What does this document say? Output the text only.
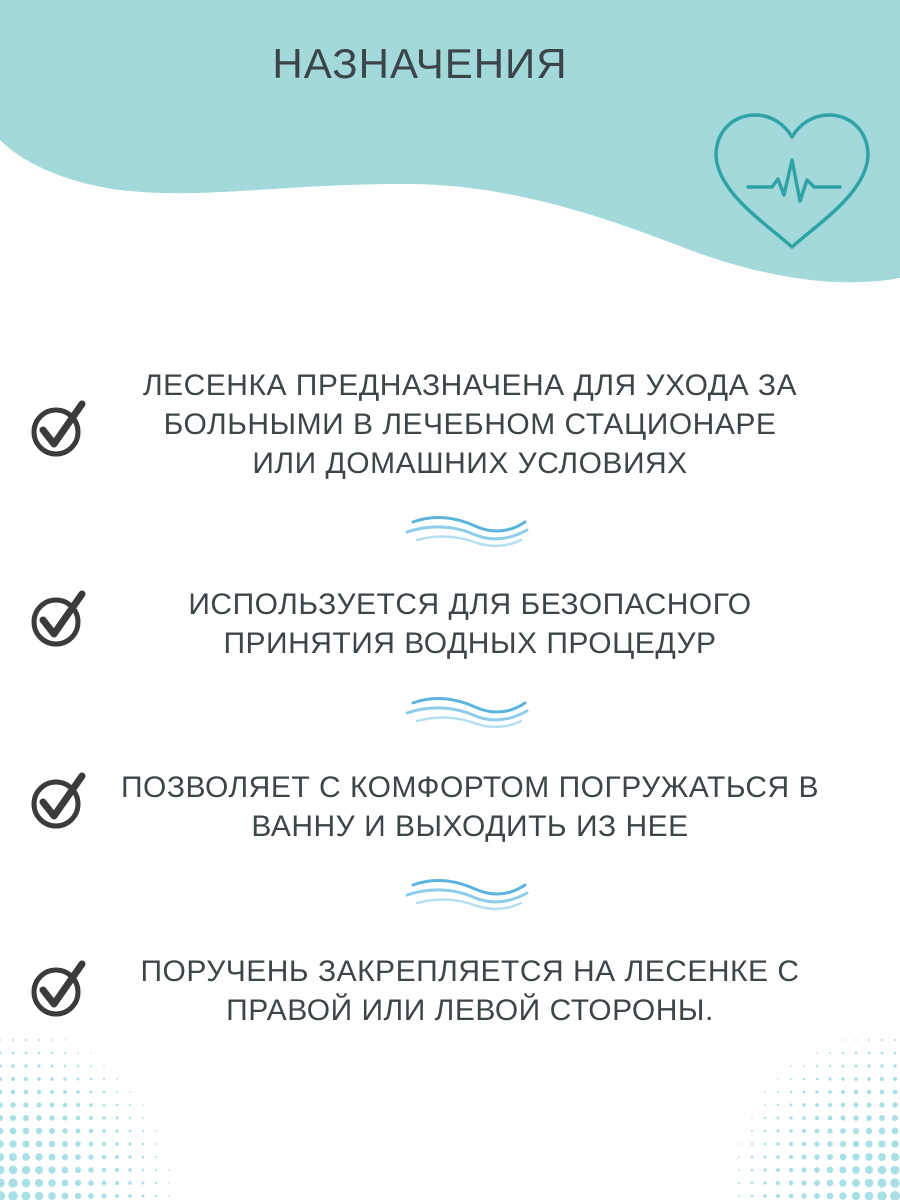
НАЗНАЧЕНИЯ
ЛЕСЕНКА ПРЕДНАЗНАЧЕНА ДЛЯ УХОДА ЗА
БОЛЬНЫМИ В ЛЕЧЕБНОМ СТАЦИОНАРЕ
ИЛИ ДОМАШНИХ УСЛОВИЯХ
ИСПОЛЬЗУЕТСЯ ДЛЯ БЕЗОПАСНОГО
ПРИНЯТИЯ ВОДНЫХ ПРОЦЕДУР
ПОЗВОЛЯЕТ С КОМФОРТОМ ПОГРУЖАТЬСЯ В
ВАННУ И ВЫХОДИТЬ ИЗ НЕЕ
ПОРУЧЕНЬ ЗАКРЕПЛЯЕТСЯ НА ЛЕСЕНКЕ С
ПРАВОЙ ИЛИ ЛЕВОЙ СТОРОНЫ.
